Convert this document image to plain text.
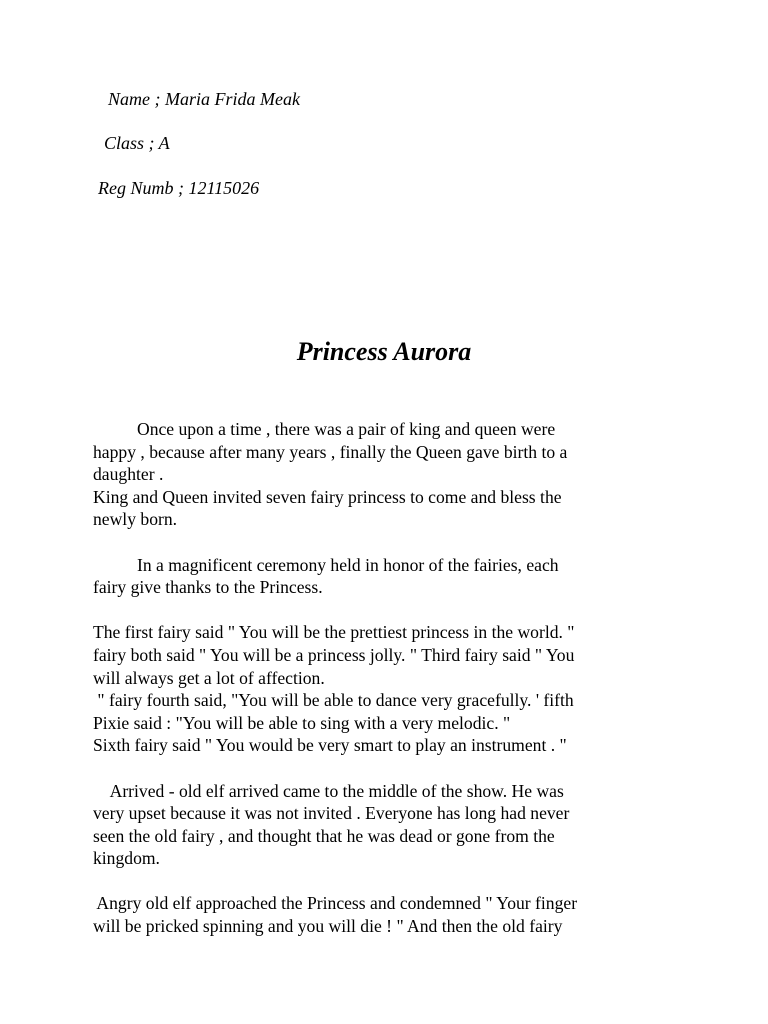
Name ; Maria Frida Meak
Class ; A
Reg Numb ; 12115026
Princess Aurora
Once upon a time , there was a pair of king and queen were
happy , because after many years , finally the Queen gave birth to a
daughter .
King and Queen invited seven fairy princess to come and bless the
newly born.
In a magnificent ceremony held in honor of the fairies, each
fairy give thanks to the Princess.
The first fairy said " You will be the prettiest princess in the world. "
fairy both said " You will be a princess jolly. " Third fairy said " You
will always get a lot of affection.
" fairy fourth said, "You will be able to dance very gracefully. ' fifth
Pixie said : "You will be able to sing with a very melodic. "
Sixth fairy said " You would be very smart to play an instrument . "
Arrived - old elf arrived came to the middle of the show. He was
very upset because it was not invited . Everyone has long had never
seen the old fairy , and thought that he was dead or gone from the
kingdom.
Angry old elf approached the Princess and condemned " Your finger
will be pricked spinning and you will die ! " And then the old fairy
